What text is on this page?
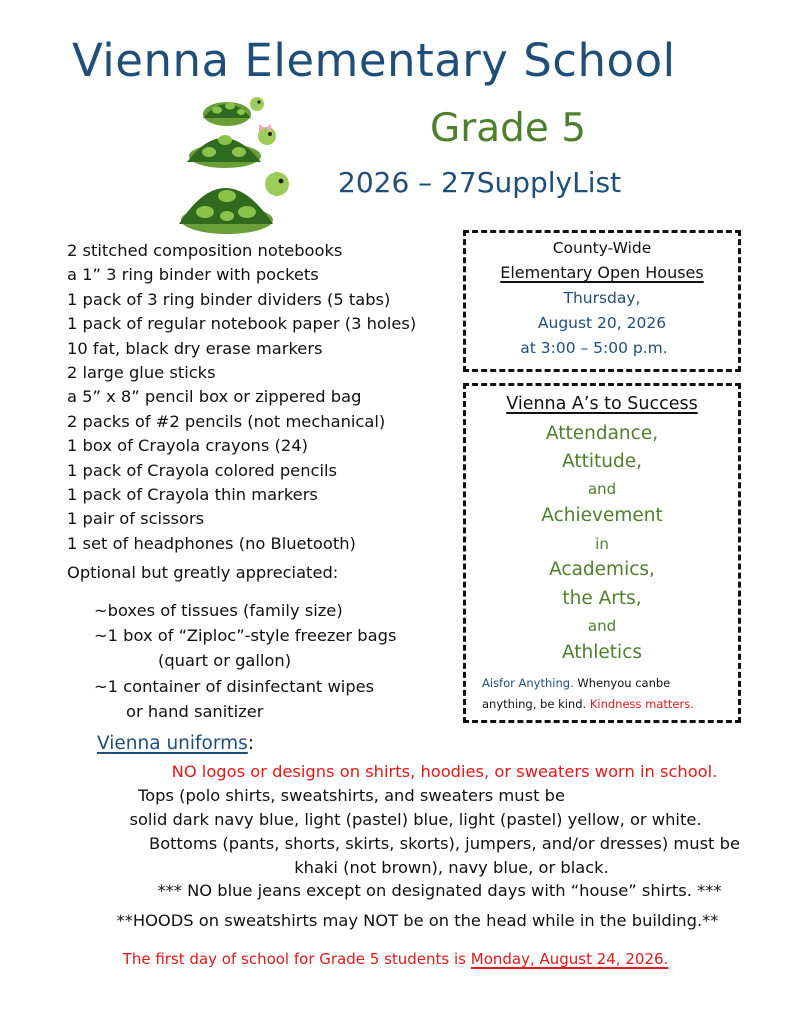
Vienna Elementary School
Grade 5
2026 – 27SupplyList
2 stitched composition notebooks
a 1” 3 ring binder with pockets
1 pack of 3 ring binder dividers (5 tabs)
1 pack of regular notebook paper (3 holes)
10 fat, black dry erase markers
2 large glue sticks
a 5” x 8” pencil box or zippered bag
2 packs of #2 pencils (not mechanical)
1 box of Crayola crayons (24)
1 pack of Crayola colored pencils
1 pack of Crayola thin markers
1 pair of scissors
1 set of headphones (no Bluetooth)
Optional but greatly appreciated:
~boxes of tissues (family size)
~1 box of “Ziploc”-style freezer bags
(quart or gallon)
~1 container of disinfectant wipes
or hand sanitizer
County-Wide
Elementary Open Houses
Thursday,
August 20, 2026
at 3:00 – 5:00 p.m.
Vienna A’s to Success
Attendance,
Attitude,
and
Achievement
in
Academics,
the Arts,
and
Athletics
Aisfor Anything. Whenyou canbe
anything, be kind. Kindness matters.
Vienna uniforms:
NO logos or designs on shirts, hoodies, or sweaters worn in school.
Tops (polo shirts, sweatshirts, and sweaters must be
solid dark navy blue, light (pastel) blue, light (pastel) yellow, or white.
Bottoms (pants, shorts, skirts, skorts), jumpers, and/or dresses) must be
khaki (not brown), navy blue, or black.
*** NO blue jeans except on designated days with “house” shirts. ***
**HOODS on sweatshirts may NOT be on the head while in the building.**
The first day of school for Grade 5 students is Monday, August 24, 2026.
